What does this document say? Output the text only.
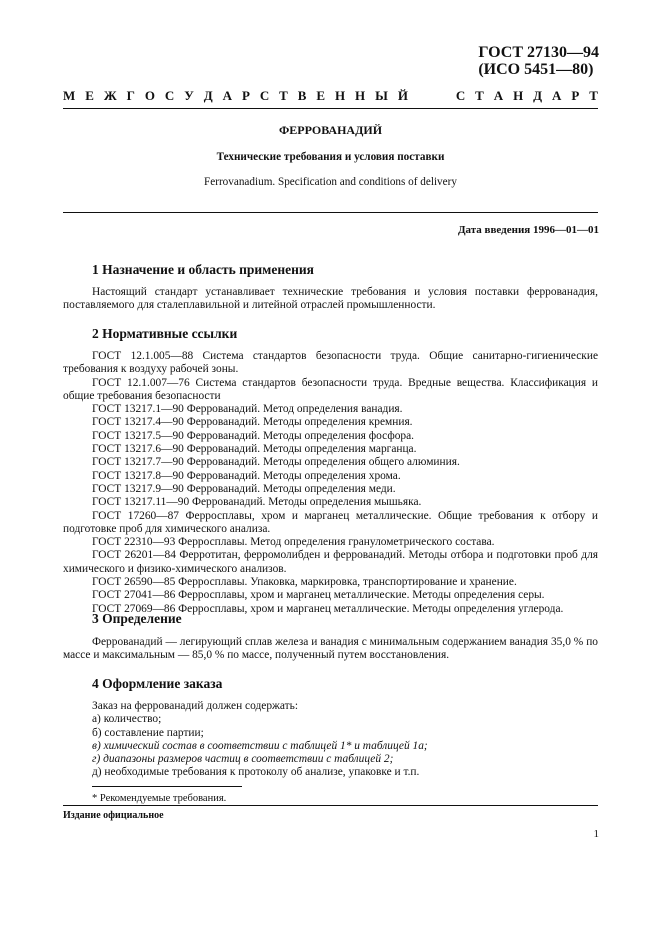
ГОСТ 27130—94
(ИСО 5451—80)
М Е Ж Г О С У Д А Р С Т В Е Н Н Ы Й	С Т А Н Д А Р Т
ФЕРРОВАНАДИЙ
Технические требования и условия поставки
Ferrovanadium. Specification and conditions of delivery
Дата введения 1996—01—01
1 Назначение и область применения

Настоящий стандарт устанавливает технические требования и условия поставки феррованадия, поставляемого для сталеплавильной и литейной отраслей промышленности.

2 Нормативные ссылки

ГОСТ 12.1.005—88 Система стандартов безопасности труда. Общие санитарно-гигиенические требования к воздуху рабочей зоны.

ГОСТ 12.1.007—76 Система стандартов безопасности труда. Вредные вещества. Классификация и общие требования безопасности

ГОСТ 13217.1—90 Феррованадий. Метод определения ванадия.

ГОСТ 13217.4—90 Феррованадий. Методы определения кремния.

ГОСТ 13217.5—90 Феррованадий. Методы определения фосфора.

ГОСТ 13217.6—90 Феррованадий. Методы определения марганца.

ГОСТ 13217.7—90 Феррованадий. Методы определения общего алюминия.

ГОСТ 13217.8—90 Феррованадий. Методы определения хрома.

ГОСТ 13217.9—90 Феррованадий. Методы определения меди.

ГОСТ 13217.11—90 Феррованадий. Методы определения мышьяка.

ГОСТ 17260—87 Ферросплавы, хром и марганец металлические. Общие требования к отбору и подготовке проб для химического анализа.

ГОСТ 22310—93 Ферросплавы. Метод определения гранулометрического состава.

ГОСТ 26201—84 Ферротитан, ферромолибден и феррованадий. Методы отбора и подготовки проб для химического и физико-химического анализов.

ГОСТ 26590—85 Ферросплавы. Упаковка, маркировка, транспортирование и хранение.

ГОСТ 27041—86 Ферросплавы, хром и марганец металлические. Методы определения серы.

ГОСТ 27069—86 Ферросплавы, хром и марганец металлические. Методы определения углерода.

3 Определение

Феррованадий — легирующий сплав железа и ванадия с минимальным содержанием ванадия 35,0 % по массе и максимальным — 85,0 % по массе, полученный путем восстановления.

4 Оформление заказа

Заказ на феррованадий должен содержать:

а) количество;

б) составление партии;

в) химический состав в соответствии с таблицей 1* и таблицей 1а;

г) диапазоны размеров частиц в соответствии с таблицей 2;

д) необходимые требования к протоколу об анализе, упаковке и т.п.

* Рекомендуемые требования.
Издание официальное
1
